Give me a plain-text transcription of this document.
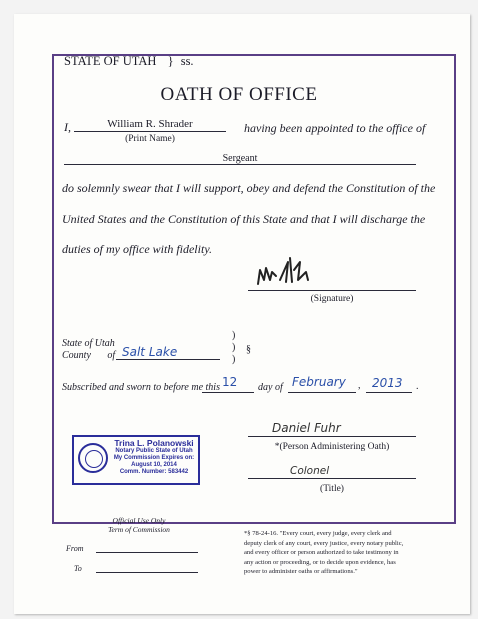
STATE OF UTAH } ss.
OATH OF OFFICE
I,	William R. Shrader
(Print Name)
having been appointed to the office of
Sergeant
do solemnly swear that I will support, obey and defend the Constitution of the
United States and the Constitution of this State and that I will discharge the
duties of my office with fidelity.
(Signature)
State of Utah
County of Salt Lake
)
)
)
§
Subscribed and sworn to before me this 12 day of February , 2013 .
Daniel Fuhr
*(Person Administering Oath)
Colonel
(Title)
Trina L. Polanowski
Notary Public State of Utah
My Commission Expires on:
August 10, 2014
Comm. Number: 583442
Official Use Only
Term of Commission
From
To
*§ 78-24-16. "Every court, every judge, every clerk and
deputy clerk of any court, every justice, every notary public,
and every officer or person authorized to take testimony in
any action or proceeding, or to decide upon evidence, has
power to administer oaths or affirmations."
